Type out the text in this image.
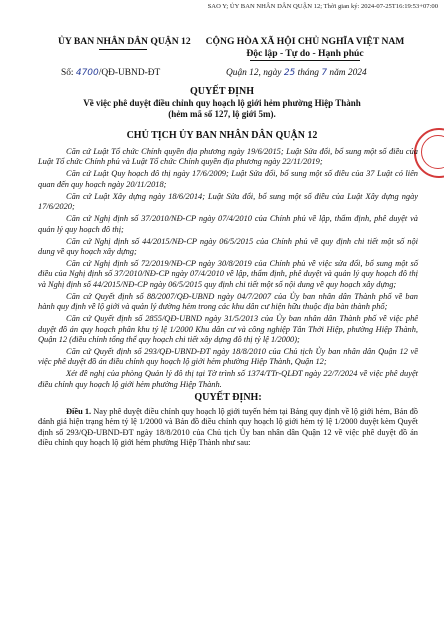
SAO Y; ỦY BAN NHÂN DÂN QUẬN 12; Thời gian ký: 2024-07-25T16:19:53+07:00
ỦY BAN NHÂN DÂN QUẬN 12	CỘNG HÒA XÃ HỘI CHỦ NGHĨA VIỆT NAM
Độc lập - Tự do - Hạnh phúc
Số: 4700/QĐ-UBND-ĐT	Quận 12, ngày 25 tháng 7 năm 2024
QUYẾT ĐỊNH
Về việc phê duyệt điều chỉnh quy hoạch lộ giới hẻm phường Hiệp Thành
(hẻm mã số 127, lộ giới 5m).
CHỦ TỊCH ỦY BAN NHÂN DÂN QUẬN 12

Căn cứ Luật Tổ chức Chính quyền địa phương ngày 19/6/2015; Luật Sửa đổi, bổ sung một số điều của Luật Tổ chức Chính phủ và Luật Tổ chức Chính quyền địa phương ngày 22/11/2019;

Căn cứ Luật Quy hoạch đô thị ngày 17/6/2009; Luật Sửa đổi, bổ sung một số điều của 37 Luật có liên quan đến quy hoạch ngày 20/11/2018;

Căn cứ Luật Xây dựng ngày 18/6/2014; Luật Sửa đổi, bổ sung một số điều của Luật Xây dựng ngày 17/6/2020;

Căn cứ Nghị định số 37/2010/NĐ-CP ngày 07/4/2010 của Chính phủ về lập, thẩm định, phê duyệt và quản lý quy hoạch đô thị;

Căn cứ Nghị định số 44/2015/NĐ-CP ngày 06/5/2015 của Chính phủ về quy định chi tiết một số nội dung về quy hoạch xây dựng;

Căn cứ Nghị định số 72/2019/NĐ-CP ngày 30/8/2019 của Chính phủ về việc sửa đổi, bổ sung một số điều của Nghị định số 37/2010/NĐ-CP ngày 07/4/2010 về lập, thẩm định, phê duyệt và quản lý quy hoạch đô thị và Nghị định số 44/2015/NĐ-CP ngày 06/5/2015 quy định chi tiết một số nội dung về quy hoạch xây dựng;

Căn cứ Quyết định số 88/2007/QĐ-UBND ngày 04/7/2007 của Ủy ban nhân dân Thành phố về ban hành quy định về lộ giới và quản lý đường hẻm trong các khu dân cư hiện hữu thuộc địa bàn thành phố;

Căn cứ Quyết định số 2855/QĐ-UBND ngày 31/5/2013 của Ủy ban nhân dân Thành phố về việc phê duyệt đồ án quy hoạch phân khu tỷ lệ 1/2000 Khu dân cư và công nghiệp Tân Thới Hiệp, phường Hiệp Thành, Quận 12 (điều chỉnh tổng thể quy hoạch chi tiết xây dựng đô thị tỷ lệ 1/2000);

Căn cứ Quyết định số 293/QĐ-UBND-ĐT ngày 18/8/2010 của Chủ tịch Ủy ban nhân dân Quận 12 về việc phê duyệt đồ án điều chỉnh quy hoạch lộ giới hẻm phường Hiệp Thành, Quận 12;

Xét đề nghị của phòng Quản lý đô thị tại Tờ trình số 1374/TTr-QLĐT ngày 22/7/2024 về việc phê duyệt điều chỉnh quy hoạch lộ giới hẻm phường Hiệp Thành.

QUYẾT ĐỊNH:

Điều 1. Nay phê duyệt điều chỉnh quy hoạch lộ giới tuyến hẻm tại Bảng quy định về lộ giới hẻm, Bản đồ đánh giá hiện trạng hẻm tỷ lệ 1/2000 và Bản đồ điều chỉnh quy hoạch lộ giới hẻm tỷ lệ 1/2000 duyệt kèm Quyết định số 293/QĐ-UBND-ĐT ngày 18/8/2010 của Chủ tịch Ủy ban nhân dân Quận 12 về việc phê duyệt đồ án điều chỉnh quy hoạch lộ giới hẻm phường Hiệp Thành như sau:
